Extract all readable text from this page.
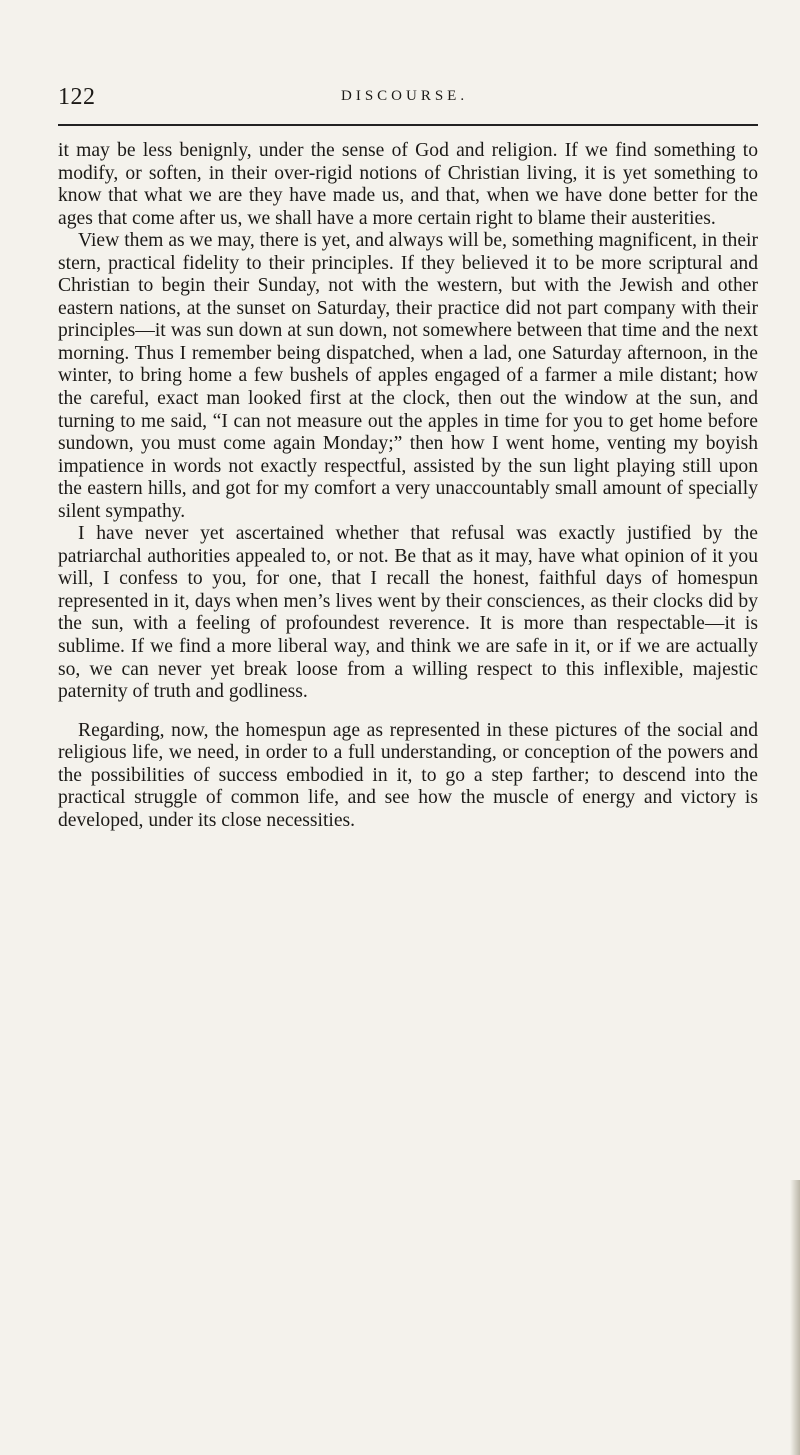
122	DISCOURSE.

it may be less benignly, under the sense of God and religion. If we find something to modify, or soften, in their over-rigid notions of Christian living, it is yet something to know that what we are they have made us, and that, when we have done better for the ages that come after us, we shall have a more certain right to blame their austerities.

View them as we may, there is yet, and always will be, something magnificent, in their stern, practical fidelity to their principles. If they believed it to be more scriptural and Christian to begin their Sunday, not with the western, but with the Jewish and other eastern nations, at the sunset on Saturday, their practice did not part company with their principles—it was sun down at sun down, not somewhere between that time and the next morning. Thus I remember being dispatched, when a lad, one Saturday afternoon, in the winter, to bring home a few bushels of apples engaged of a farmer a mile distant; how the careful, exact man looked first at the clock, then out the window at the sun, and turning to me said, “I can not measure out the apples in time for you to get home before sundown, you must come again Monday;” then how I went home, venting my boyish impatience in words not exactly respectful, assisted by the sun light playing still upon the eastern hills, and got for my comfort a very unaccountably small amount of specially silent sympathy.

I have never yet ascertained whether that refusal was exactly justified by the patriarchal authorities appealed to, or not. Be that as it may, have what opinion of it you will, I confess to you, for one, that I recall the honest, faithful days of homespun represented in it, days when men’s lives went by their consciences, as their clocks did by the sun, with a feeling of profoundest reverence. It is more than respectable—it is sublime. If we find a more liberal way, and think we are safe in it, or if we are actually so, we can never yet break loose from a willing respect to this inflexible, majestic paternity of truth and godliness.

Regarding, now, the homespun age as represented in these pictures of the social and religious life, we need, in order to a full understanding, or conception of the powers and the possibilities of success embodied in it, to go a step farther; to descend into the practical struggle of common life, and see how the muscle of energy and victory is developed, under its close necessities.
